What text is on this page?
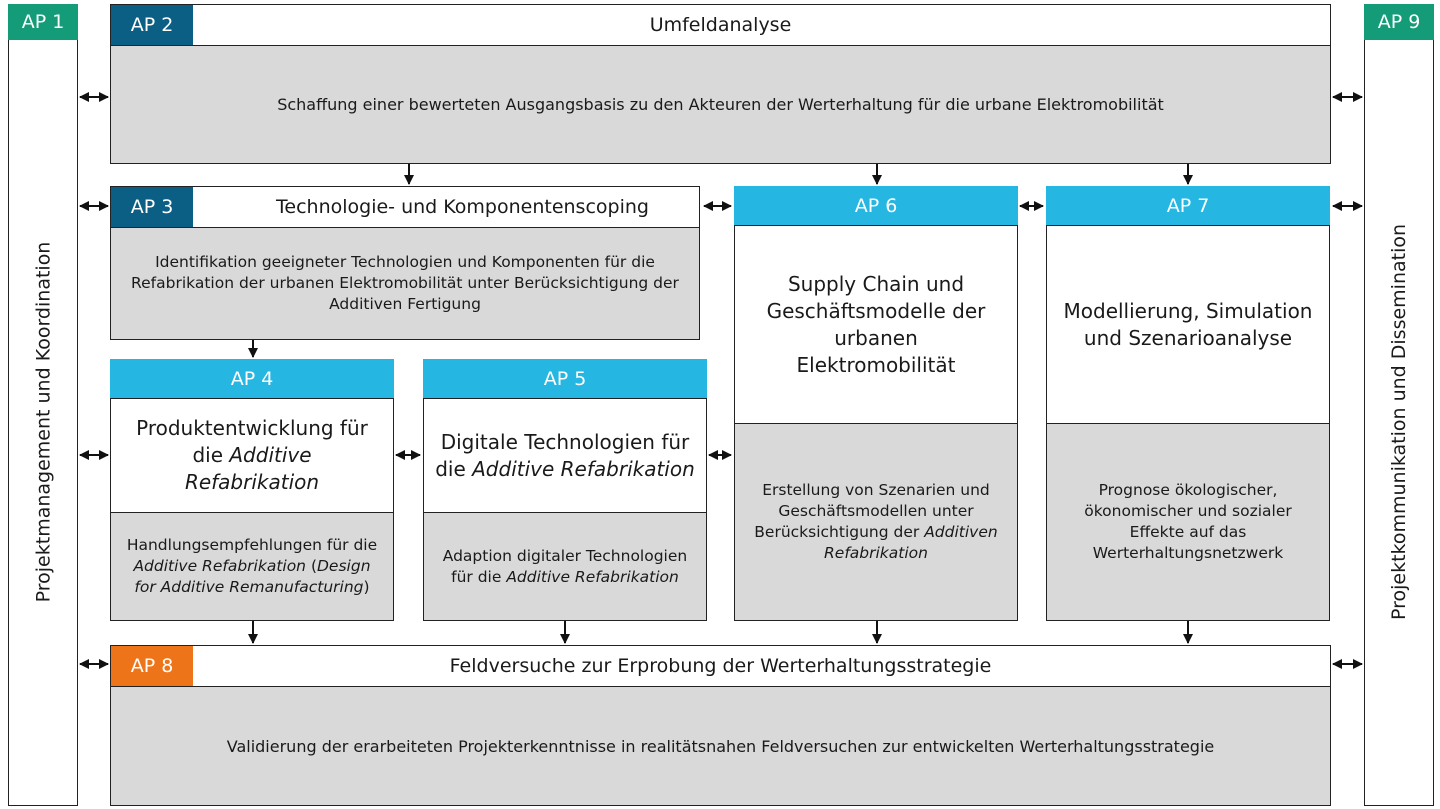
AP 1
Projektmanagement und Koordination
AP 9
Projektkommunikation und Dissemination
Umfeldanalyse
AP 2
Schaffung einer bewerteten Ausgangsbasis zu den Akteuren der Werterhaltung für die urbane Elektromobilität
Technologie- und Komponentenscoping
AP 3
Identifikation geeigneter Technologien und Komponenten für die Refabrikation der urbanen Elektromobilität unter Berücksichtigung der Additiven Fertigung
AP 4
Produktentwicklung für die Additive Refabrikation
Handlungsempfehlungen für die Additive Refabrikation (Design for Additive Remanufacturing)
AP 5
Digitale Technologien für die Additive Refabrikation
Adaption digitaler Technologien für die Additive Refabrikation
AP 6
Supply Chain und Geschäftsmodelle der urbanen Elektromobilität
Erstellung von Szenarien und Geschäftsmodellen unter Berücksichtigung der Additiven Refabrikation
AP 7
Modellierung, Simulation und Szenarioanalyse
Prognose ökologischer, ökonomischer und sozialer Effekte auf das Werterhaltungsnetzwerk
Feldversuche zur Erprobung der Werterhaltungsstrategie
AP 8
Validierung der erarbeiteten Projekterkenntnisse in realitätsnahen Feldversuchen zur entwickelten Werterhaltungsstrategie
